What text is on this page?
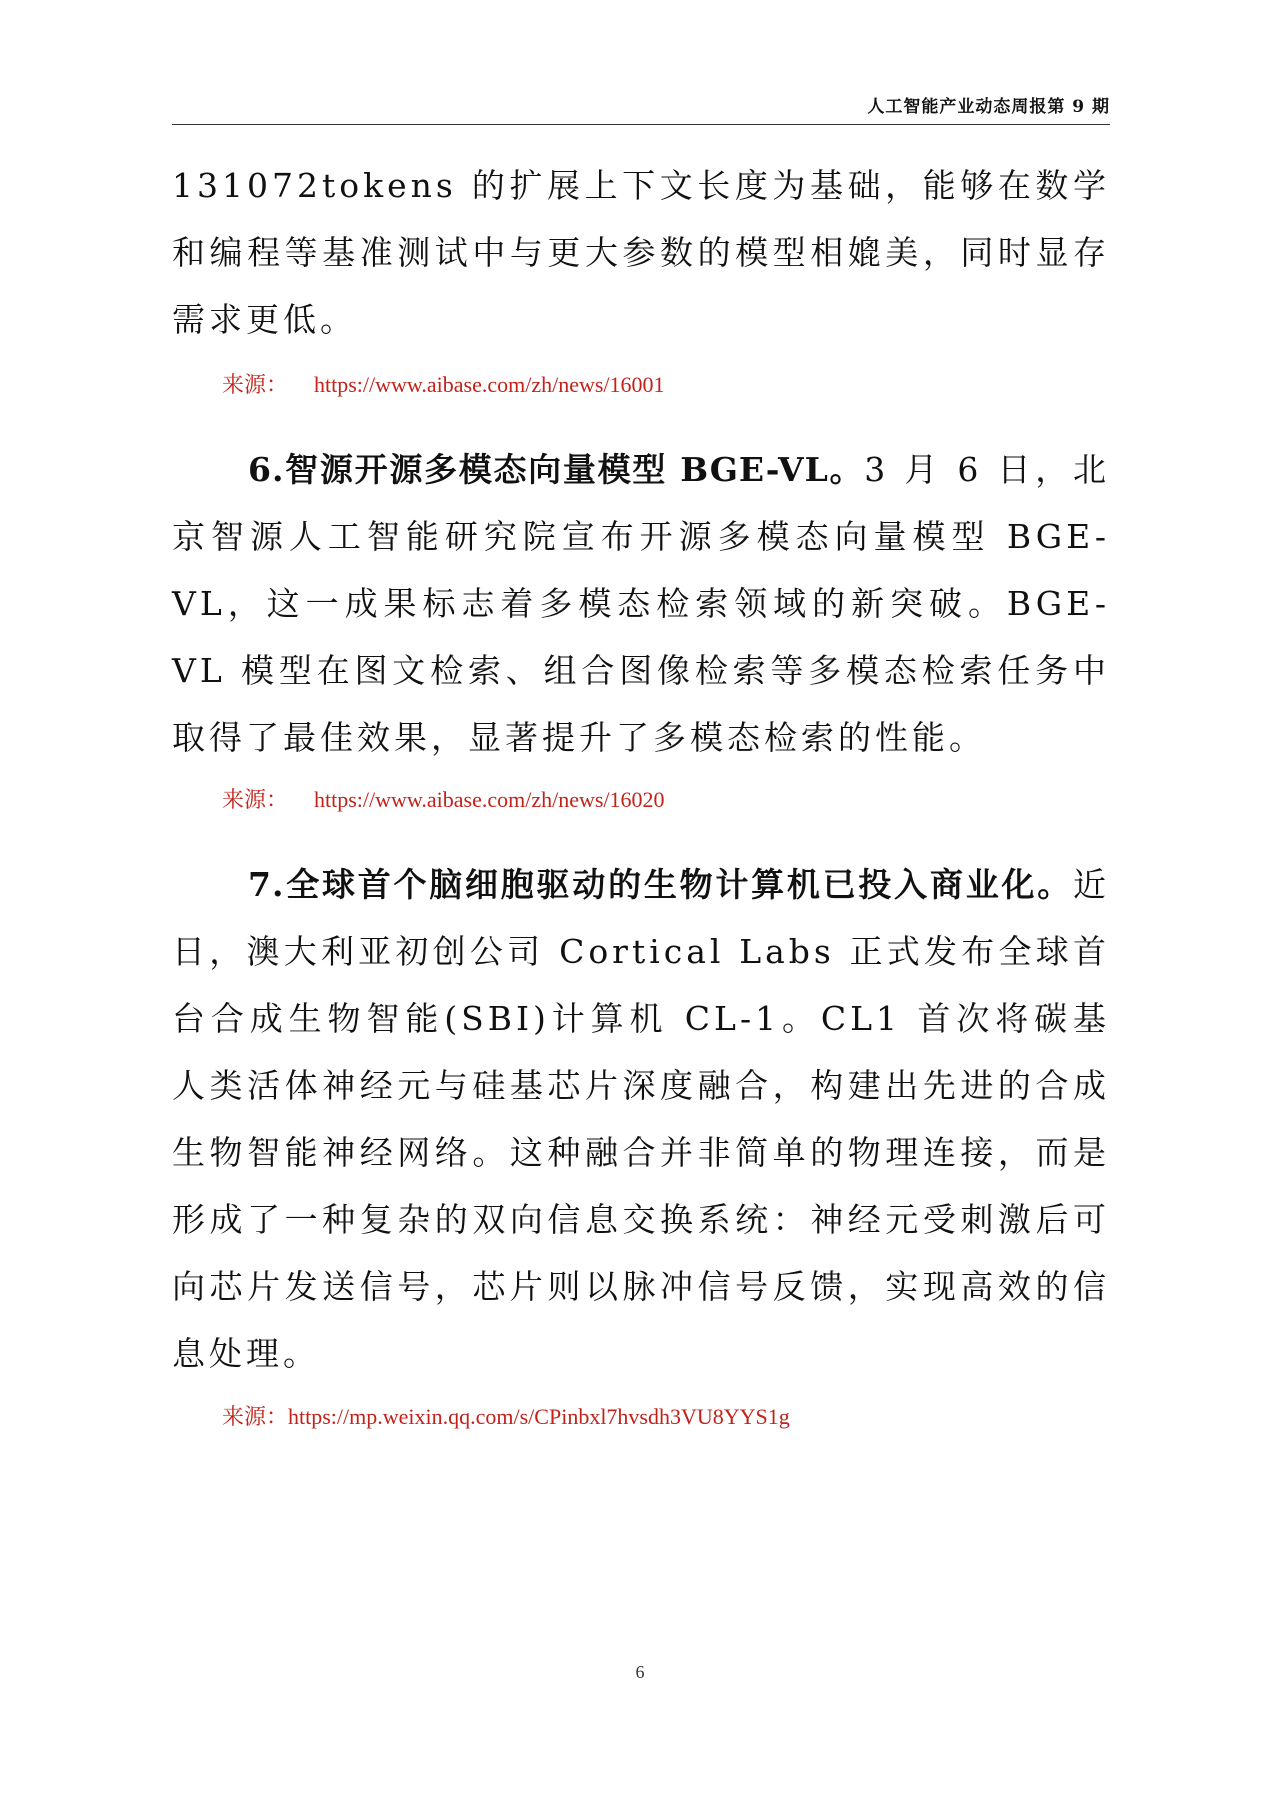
人工智能产业动态周报第 9 期

131072tokens 的扩展上下文长度为基础，能够在数学和编程等基准测试中与更大参数的模型相媲美，同时显存需求更低。

来源： https://www.aibase.com/zh/news/16001

6.智源开源多模态向量模型 BGE-VL。3 月 6 日，北京智源人工智能研究院宣布开源多模态向量模型 BGE-VL，这一成果标志着多模态检索领域的新突破。BGE-VL 模型在图文检索、组合图像检索等多模态检索任务中取得了最佳效果，显著提升了多模态检索的性能。

来源： https://www.aibase.com/zh/news/16020

7.全球首个脑细胞驱动的生物计算机已投入商业化。近日，澳大利亚初创公司 Cortical Labs 正式发布全球首台合成生物智能(SBI)计算机 CL-1。CL1 首次将碳基人类活体神经元与硅基芯片深度融合，构建出先进的合成生物智能神经网络。这种融合并非简单的物理连接，而是形成了一种复杂的双向信息交换系统：神经元受刺激后可向芯片发送信号，芯片则以脉冲信号反馈，实现高效的信息处理。

来源：https://mp.weixin.qq.com/s/CPinbxl7hvsdh3VU8YYS1g
6
